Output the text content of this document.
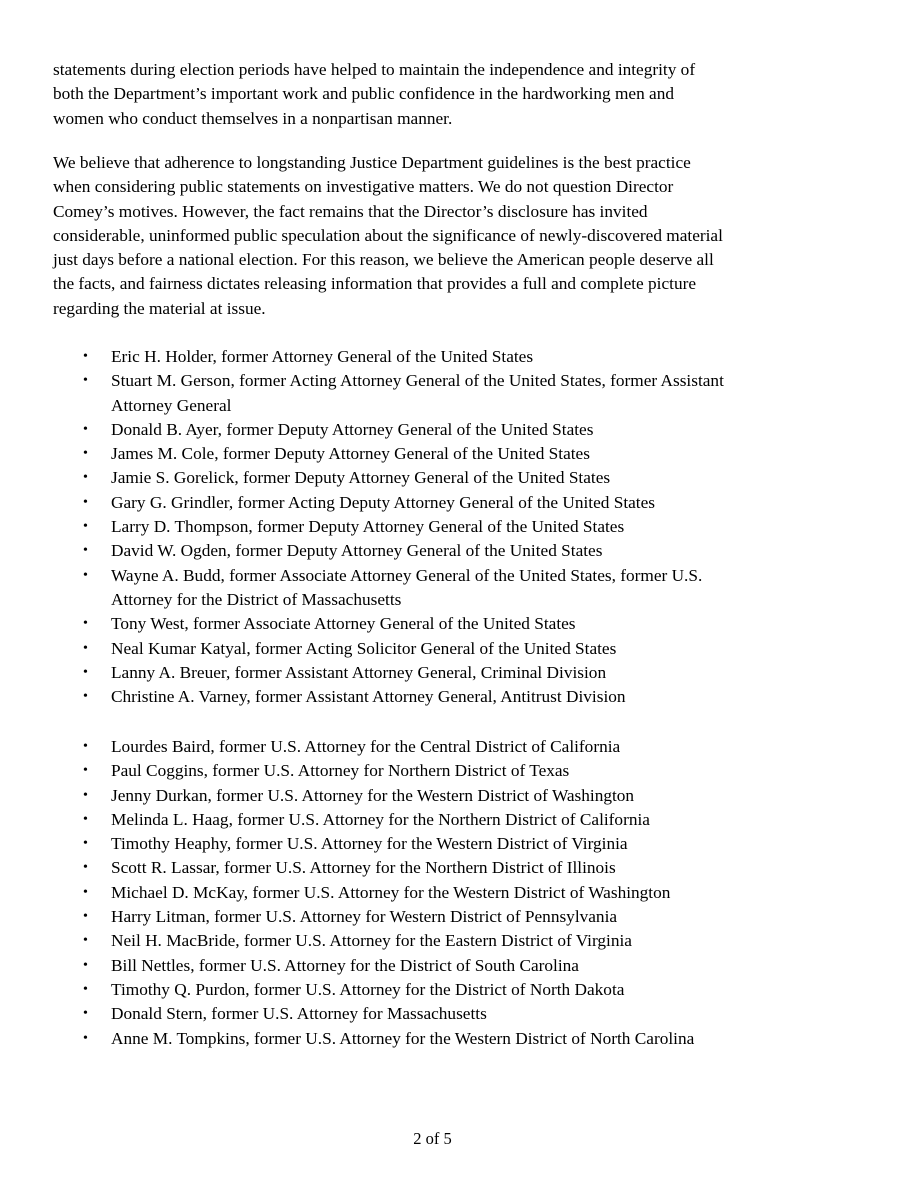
statements during election periods have helped to maintain the independence and integrity of
both the Department’s important work and public confidence in the hardworking men and
women who conduct themselves in a nonpartisan manner.

We believe that adherence to longstanding Justice Department guidelines is the best practice
when considering public statements on investigative matters. We do not question Director
Comey’s motives. However, the fact remains that the Director’s disclosure has invited
considerable, uninformed public speculation about the significance of newly-discovered material
just days before a national election. For this reason, we believe the American people deserve all
the facts, and fairness dictates releasing information that provides a full and complete picture
regarding the material at issue.

• Eric H. Holder, former Attorney General of the United States
• Stuart M. Gerson, former Acting Attorney General of the United States, former Assistant
Attorney General
• Donald B. Ayer, former Deputy Attorney General of the United States
• James M. Cole, former Deputy Attorney General of the United States
• Jamie S. Gorelick, former Deputy Attorney General of the United States
• Gary G. Grindler, former Acting Deputy Attorney General of the United States
• Larry D. Thompson, former Deputy Attorney General of the United States
• David W. Ogden, former Deputy Attorney General of the United States
• Wayne A. Budd, former Associate Attorney General of the United States, former U.S.
Attorney for the District of Massachusetts
• Tony West, former Associate Attorney General of the United States
• Neal Kumar Katyal, former Acting Solicitor General of the United States
• Lanny A. Breuer, former Assistant Attorney General, Criminal Division
• Christine A. Varney, former Assistant Attorney General, Antitrust Division
• Lourdes Baird, former U.S. Attorney for the Central District of California
• Paul Coggins, former U.S. Attorney for Northern District of Texas
• Jenny Durkan, former U.S. Attorney for the Western District of Washington
• Melinda L. Haag, former U.S. Attorney for the Northern District of California
• Timothy Heaphy, former U.S. Attorney for the Western District of Virginia
• Scott R. Lassar, former U.S. Attorney for the Northern District of Illinois
• Michael D. McKay, former U.S. Attorney for the Western District of Washington
• Harry Litman, former U.S. Attorney for Western District of Pennsylvania
• Neil H. MacBride, former U.S. Attorney for the Eastern District of Virginia
• Bill Nettles, former U.S. Attorney for the District of South Carolina
• Timothy Q. Purdon, former U.S. Attorney for the District of North Dakota
• Donald Stern, former U.S. Attorney for Massachusetts
• Anne M. Tompkins, former U.S. Attorney for the Western District of North Carolina
2 of 5
